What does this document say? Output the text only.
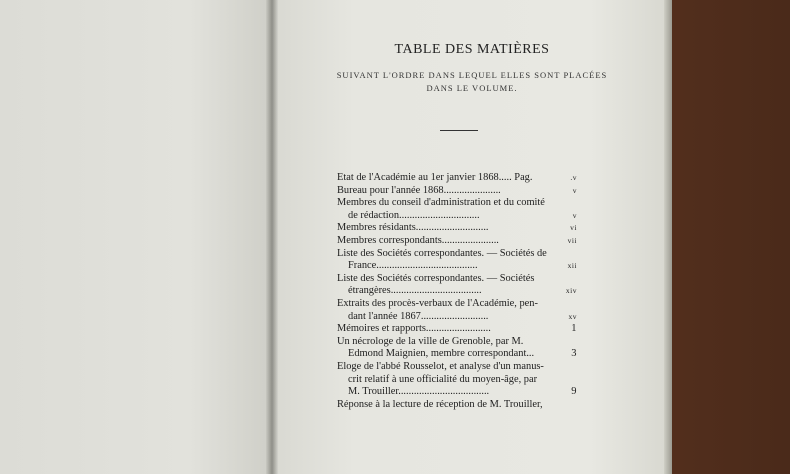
TABLE DES MATIÈRES
SUIVANT L'ORDRE DANS LEQUEL ELLES SONT PLACÉES
DANS LE VOLUME.
Etat de l'Académie au 1er janvier 1868..... Pag.	.v
Bureau pour l'année 1868......................	v
Membres du conseil d'administration et du comité
de rédaction...............................	v
Membres résidants............................	vi
Membres correspondants......................	vii
Liste des Sociétés correspondantes. — Sociétés de
France.......................................	xii
Liste des Sociétés correspondantes. — Sociétés
étrangères...................................	xiv
Extraits des procès-verbaux de l'Académie, pen-
dant l'année 1867..........................	xv
Mémoires et rapports.........................	1
Un nécrologe de la ville de Grenoble, par M.
Edmond Maignien, membre correspondant...	3
Eloge de l'abbé Rousselot, et analyse d'un manus-
crit relatif à une officialité du moyen-âge, par
M. Trouiller...................................	9
Réponse à la lecture de réception de M. Trouiller,
